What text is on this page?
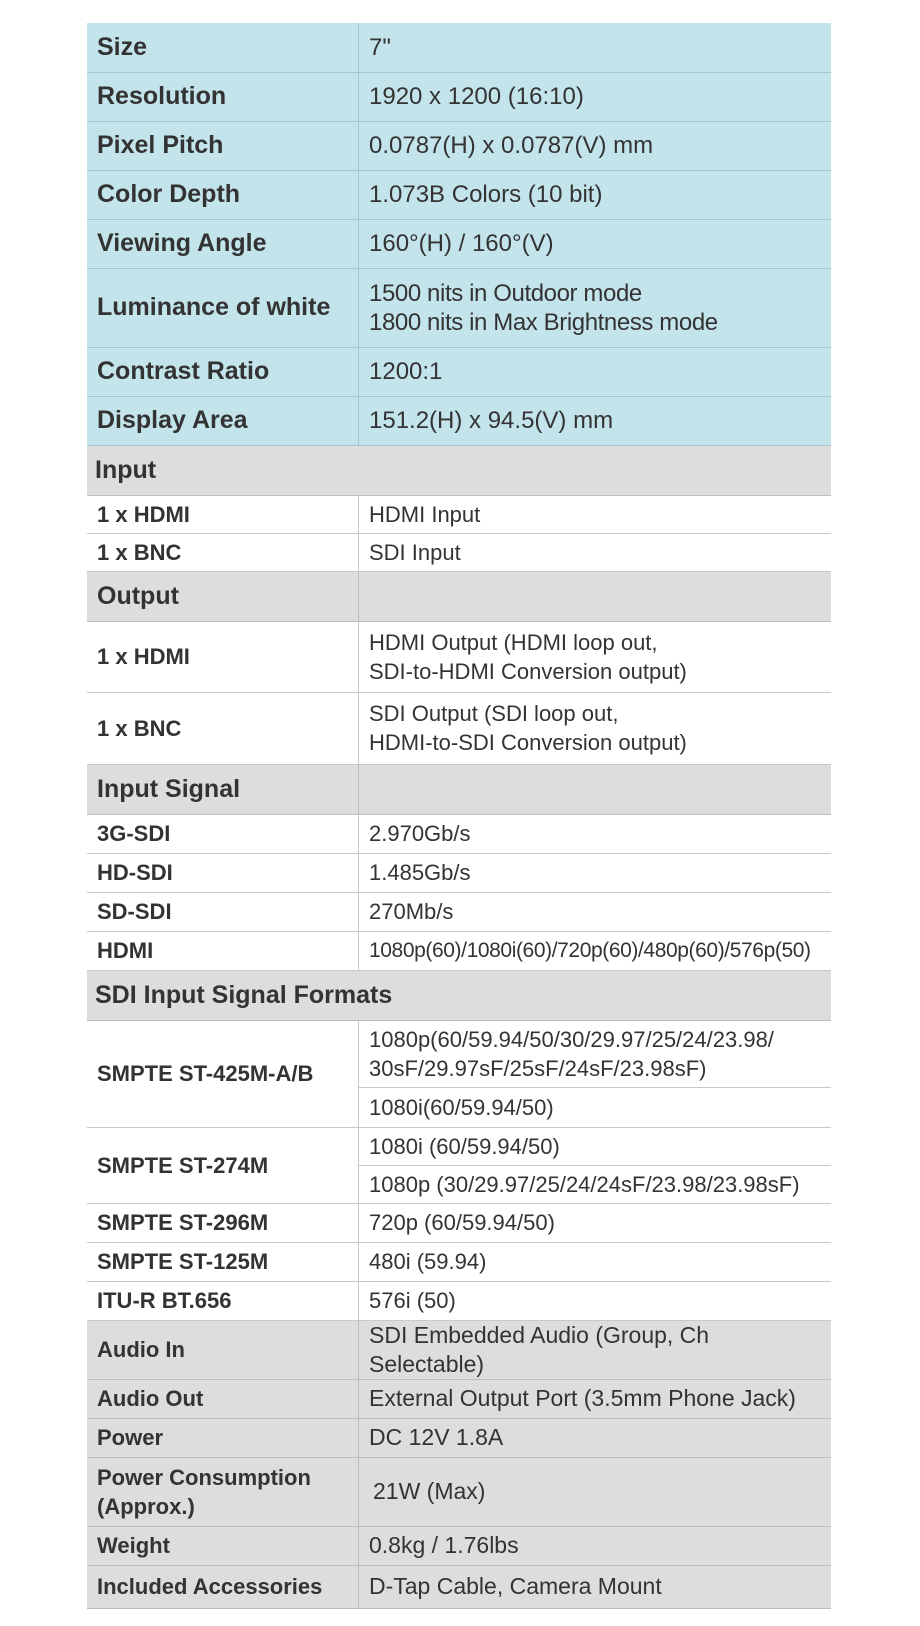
Size	7"
Resolution	1920 x 1200 (16:10)
Pixel Pitch	0.0787(H) x 0.0787(V) mm
Color Depth	1.073B Colors (10 bit)
Viewing Angle	160°(H) / 160°(V)
Luminance of white	1500 nits in Outdoor mode
1800 nits in Max Brightness mode

Contrast Ratio	1200:1
Display Area	151.2(H) x 94.5(V) mm
Input	
1 x HDMI	HDMI Input
1 x BNC	SDI Input
Output	
1 x HDMI	HDMI Output (HDMI loop out,
SDI-to-HDMI Conversion output)

1 x BNC	SDI Output (SDI loop out,
HDMI-to-SDI Conversion output)

Input Signal	
3G-SDI	2.970Gb/s
HD-SDI	1.485Gb/s
SD-SDI	270Mb/s
HDMI	1080p(60)/1080i(60)/720p(60)/480p(60)/576p(50)
SDI Input Signal Formats	
SMPTE ST-425M-A/B	1080p(60/59.94/50/30/29.97/25/24/23.98/
30sF/29.97sF/25sF/24sF/23.98sF)

	1080i(60/59.94/50)
SMPTE ST-274M	1080i (60/59.94/50)
	1080p (30/29.97/25/24/24sF/23.98/23.98sF)
SMPTE ST-296M	720p (60/59.94/50)
SMPTE ST-125M	480i (59.94)
ITU-R BT.656	576i (50)
Audio In	SDI Embedded Audio (Group, Ch Selectable)
Audio Out	External Output Port (3.5mm Phone Jack)
Power	DC 12V 1.8A

Power Consumption
(Approx.)	21W (Max)
Weight	0.8kg / 1.76lbs
Included Accessories	D-Tap Cable, Camera Mount
